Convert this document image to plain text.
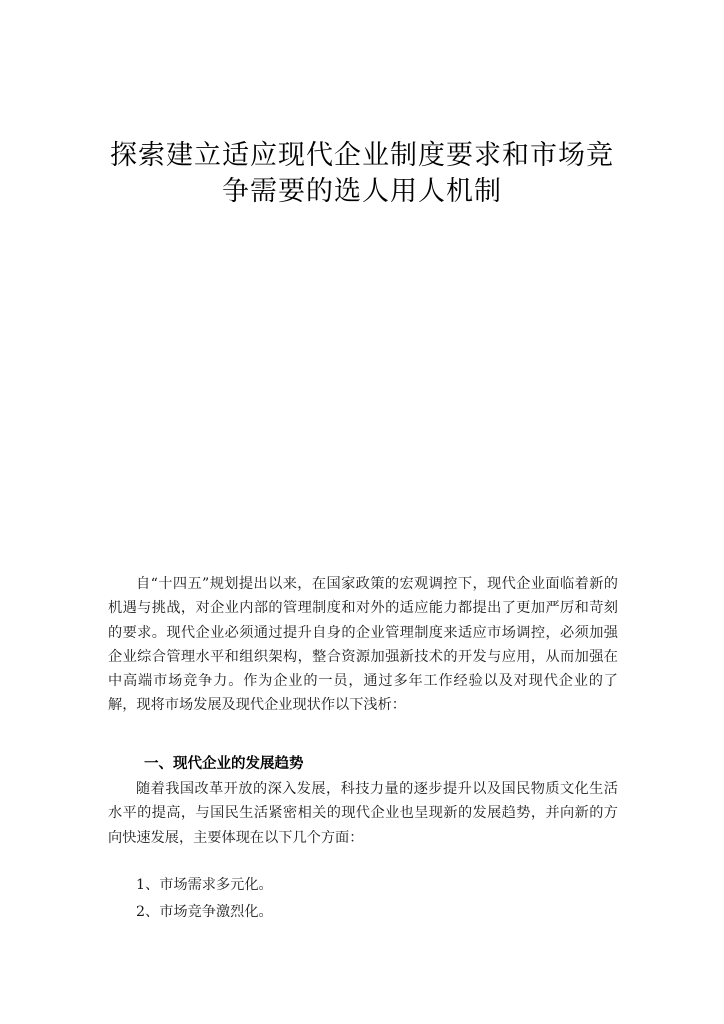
探索建立适应现代企业制度要求和市场竞
争需要的选人用人机制

自“十四五”规划提出以来，在国家政策的宏观调控下，现代企业面临着新的机遇与挑战，对企业内部的管理制度和对外的适应能力都提出了更加严厉和苛刻的要求。现代企业必须通过提升自身的企业管理制度来适应市场调控，必须加强企业综合管理水平和组织架构，整合资源加强新技术的开发与应用，从而加强在中高端市场竞争力。作为企业的一员，通过多年工作经验以及对现代企业的了解，现将市场发展及现代企业现状作以下浅析：

一、现代企业的发展趋势

随着我国改革开放的深入发展，科技力量的逐步提升以及国民物质文化生活水平的提高，与国民生活紧密相关的现代企业也呈现新的发展趋势，并向新的方向快速发展，主要体现在以下几个方面：

1、市场需求多元化。

2、市场竞争激烈化。
